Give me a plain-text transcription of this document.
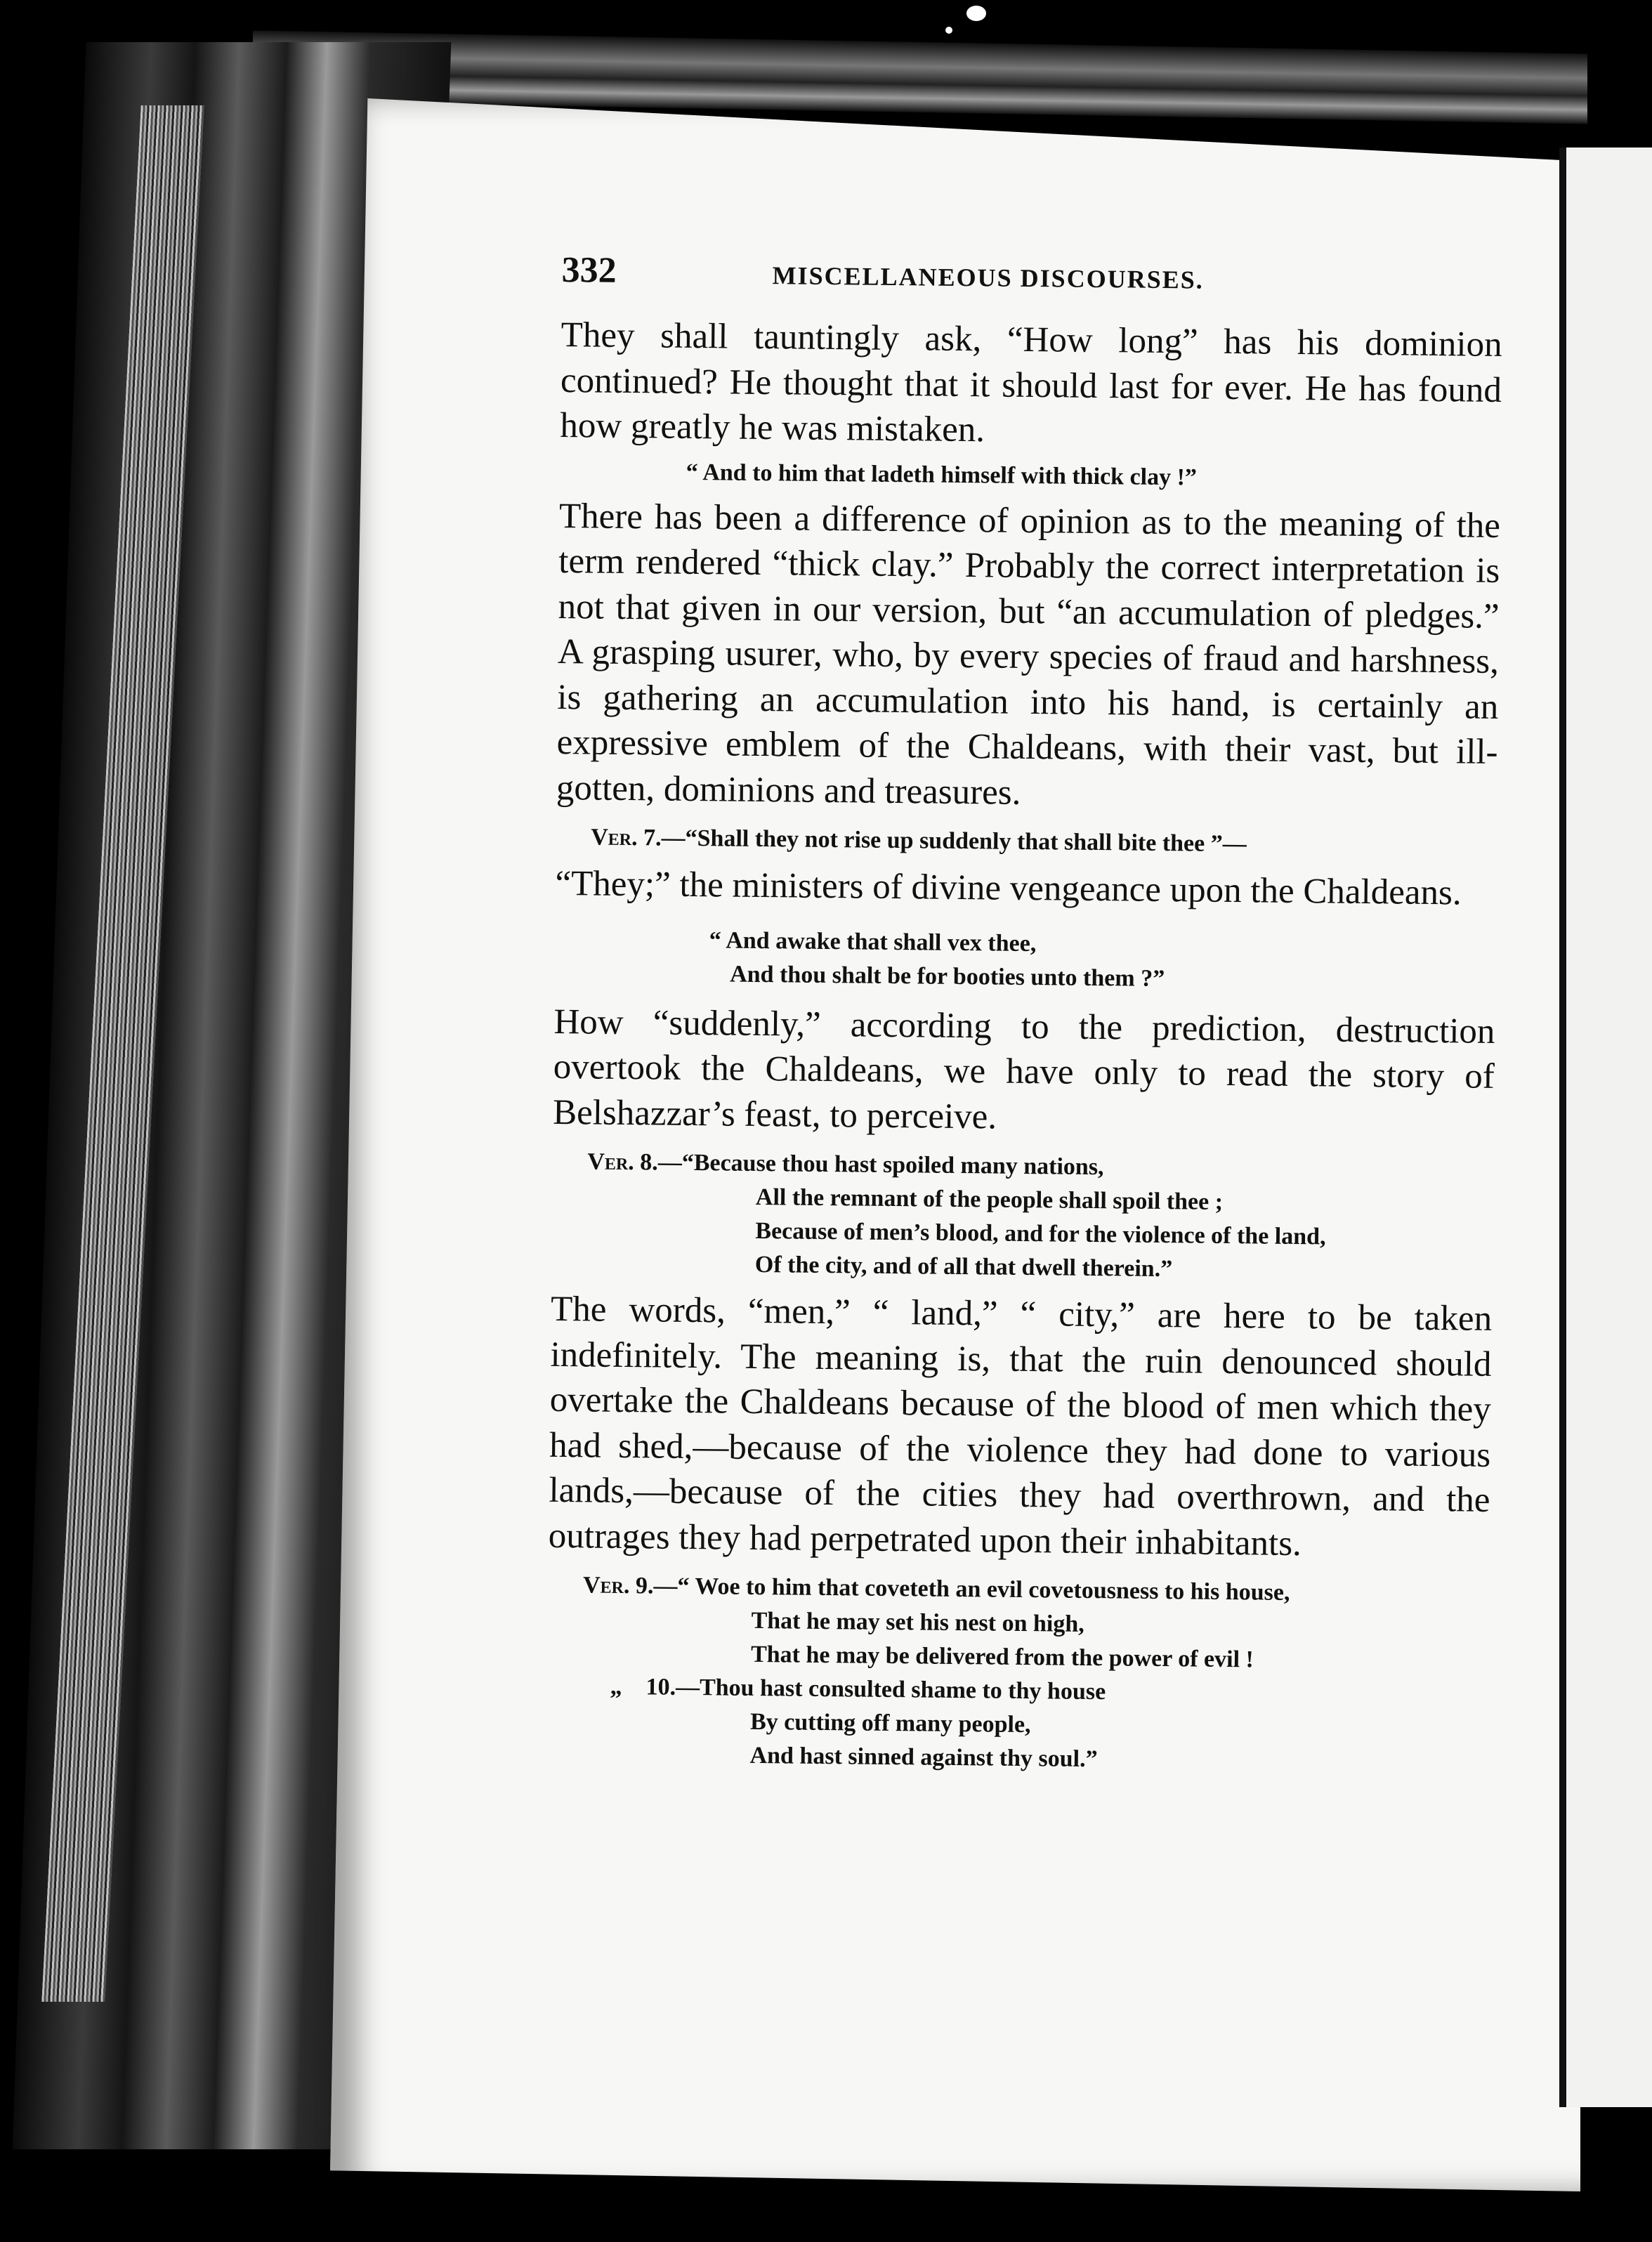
332	MISCELLANEOUS DISCOURSES.

They shall tauntingly ask, “How long” has his dominion continued? He thought that it should last for ever. He has found how greatly he was mistaken.

“ And to him that ladeth himself with thick clay !”

There has been a difference of opinion as to the meaning of the term rendered “thick clay.” Probably the correct interpretation is not that given in our version, but “an accumulation of pledges.” A grasping usurer, who, by every species of fraud and harshness, is gathering an accumulation into his hand, is certainly an expressive emblem of the Chaldeans, with their vast, but ill-gotten, dominions and treasures.

Ver. 7.—“Shall they not rise up suddenly that shall bite thee ”—

“They;” the ministers of divine vengeance upon the Chaldeans.

“ And awake that shall vex thee,
And thou shalt be for booties unto them ?”

How “suddenly,” according to the prediction, destruction overtook the Chaldeans, we have only to read the story of Belshazzar’s feast, to perceive.

Ver. 8.—“Because thou hast spoiled many nations,
All the remnant of the people shall spoil thee ;
Because of men’s blood, and for the violence of the land,
Of the city, and of all that dwell therein.”

The words, “men,” “ land,” “ city,” are here to be taken indefinitely. The meaning is, that the ruin denounced should overtake the Chaldeans because of the blood of men which they had shed,—because of the violence they had done to various lands,—because of the cities they had overthrown, and the outrages they had perpetrated upon their inhabitants.

Ver. 9.—“ Woe to him that coveteth an evil covetousness to his house,
That he may set his nest on high,
That he may be delivered from the power of evil !
„ 10.—Thou hast consulted shame to thy house
By cutting off many people,
And hast sinned against thy soul.”
